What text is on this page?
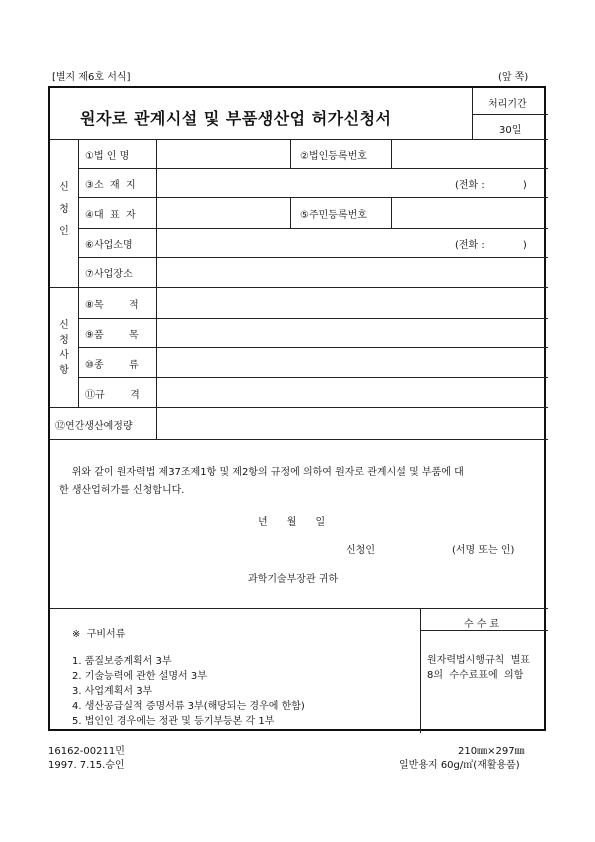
[별지 제6호 서식]	(앞 쪽)
원자로 관계시설 및 부품생산업 허가신청서
처리기간
30일
신
청
인
①법 인 명	②법인등록번호
③소  재  지	(전화 :            )
④대  표  자	⑤주민등록번호
⑥사업소명	(전화 :            )
⑦사업장소
신
청
사
항
⑧목        적
⑨품        목
⑩종        류
⑪규        격
⑫연간생산예정량
위와 같이 원자력법 제37조제1항 및 제2항의 규정에 의하여 원자로 관계시설 및 부품에 대
한 생산업허가를 신청합니다.
년      월      일
신청인	(서명 또는 인)
과학기술부장관 귀하
수 수 료
원자력법시행규칙  별표
8의  수수료표에  의함
※  구비서류
1. 품질보증계획서 3부
2. 기술능력에 관한 설명서 3부
3. 사업계획서 3부
4. 생산공급실적 증명서류 3부(해당되는 경우에 한함)
5. 법인인 경우에는 정관 및 등기부등본 각 1부
16162-00211민
1997. 7.15.승인
210㎜×297㎜
일반용지 60g/㎡(재활용품)
